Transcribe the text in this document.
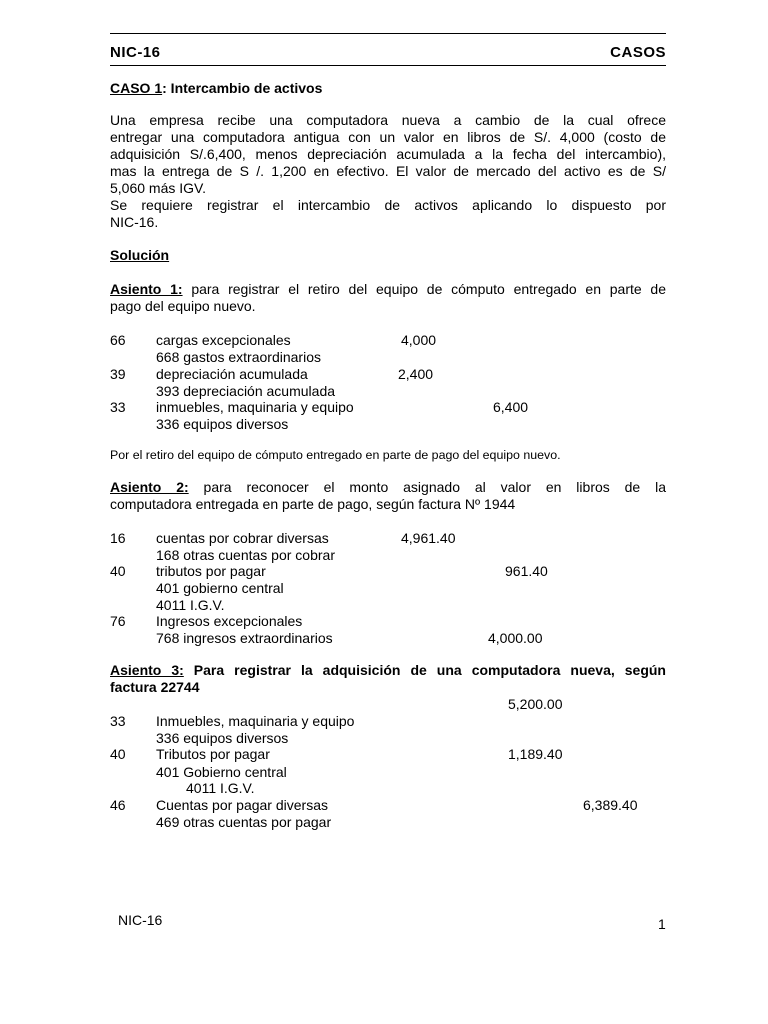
NIC-16	CASOS
CASO 1: Intercambio de activos
Una empresa recibe una computadora nueva a cambio de la cual ofrece
entregar una computadora antigua con un valor en libros de S/. 4,000 (costo de
adquisición S/.6,400, menos depreciación acumulada a la fecha del intercambio),
mas la entrega de S /. 1,200 en efectivo. El valor de mercado del activo es de S/
5,060 más IGV.
Se requiere registrar el intercambio de activos aplicando lo dispuesto por
NIC-16.
Solución
Asiento 1: para registrar el retiro del equipo de cómputo entregado en parte de
pago del equipo nuevo.
66 cargas excepcionales	4,000
668 gastos extraordinarios
39 depreciación acumulada	2,400
393 depreciación acumulada
33 inmuebles, maquinaria y equipo	6,400
336 equipos diversos
Por el retiro del equipo de cómputo entregado en parte de pago del equipo nuevo.
Asiento 2: para reconocer el monto asignado al valor en libros de la
computadora entregada en parte de pago, según factura Nº 1944
16 cuentas por cobrar diversas	4,961.40
168 otras cuentas por cobrar
40 tributos por pagar	961.40
401 gobierno central
4011 I.G.V.
76 Ingresos excepcionales
768 ingresos extraordinarios	4,000.00
Asiento 3: Para registrar la adquisición de una computadora nueva, según
factura 22744
5,200.00
33 Inmuebles, maquinaria y equipo
336 equipos diversos
40 Tributos por pagar	1,189.40
401 Gobierno central
4011 I.G.V.
46 Cuentas por pagar diversas	6,389.40
469 otras cuentas por pagar
NIC-16	1
